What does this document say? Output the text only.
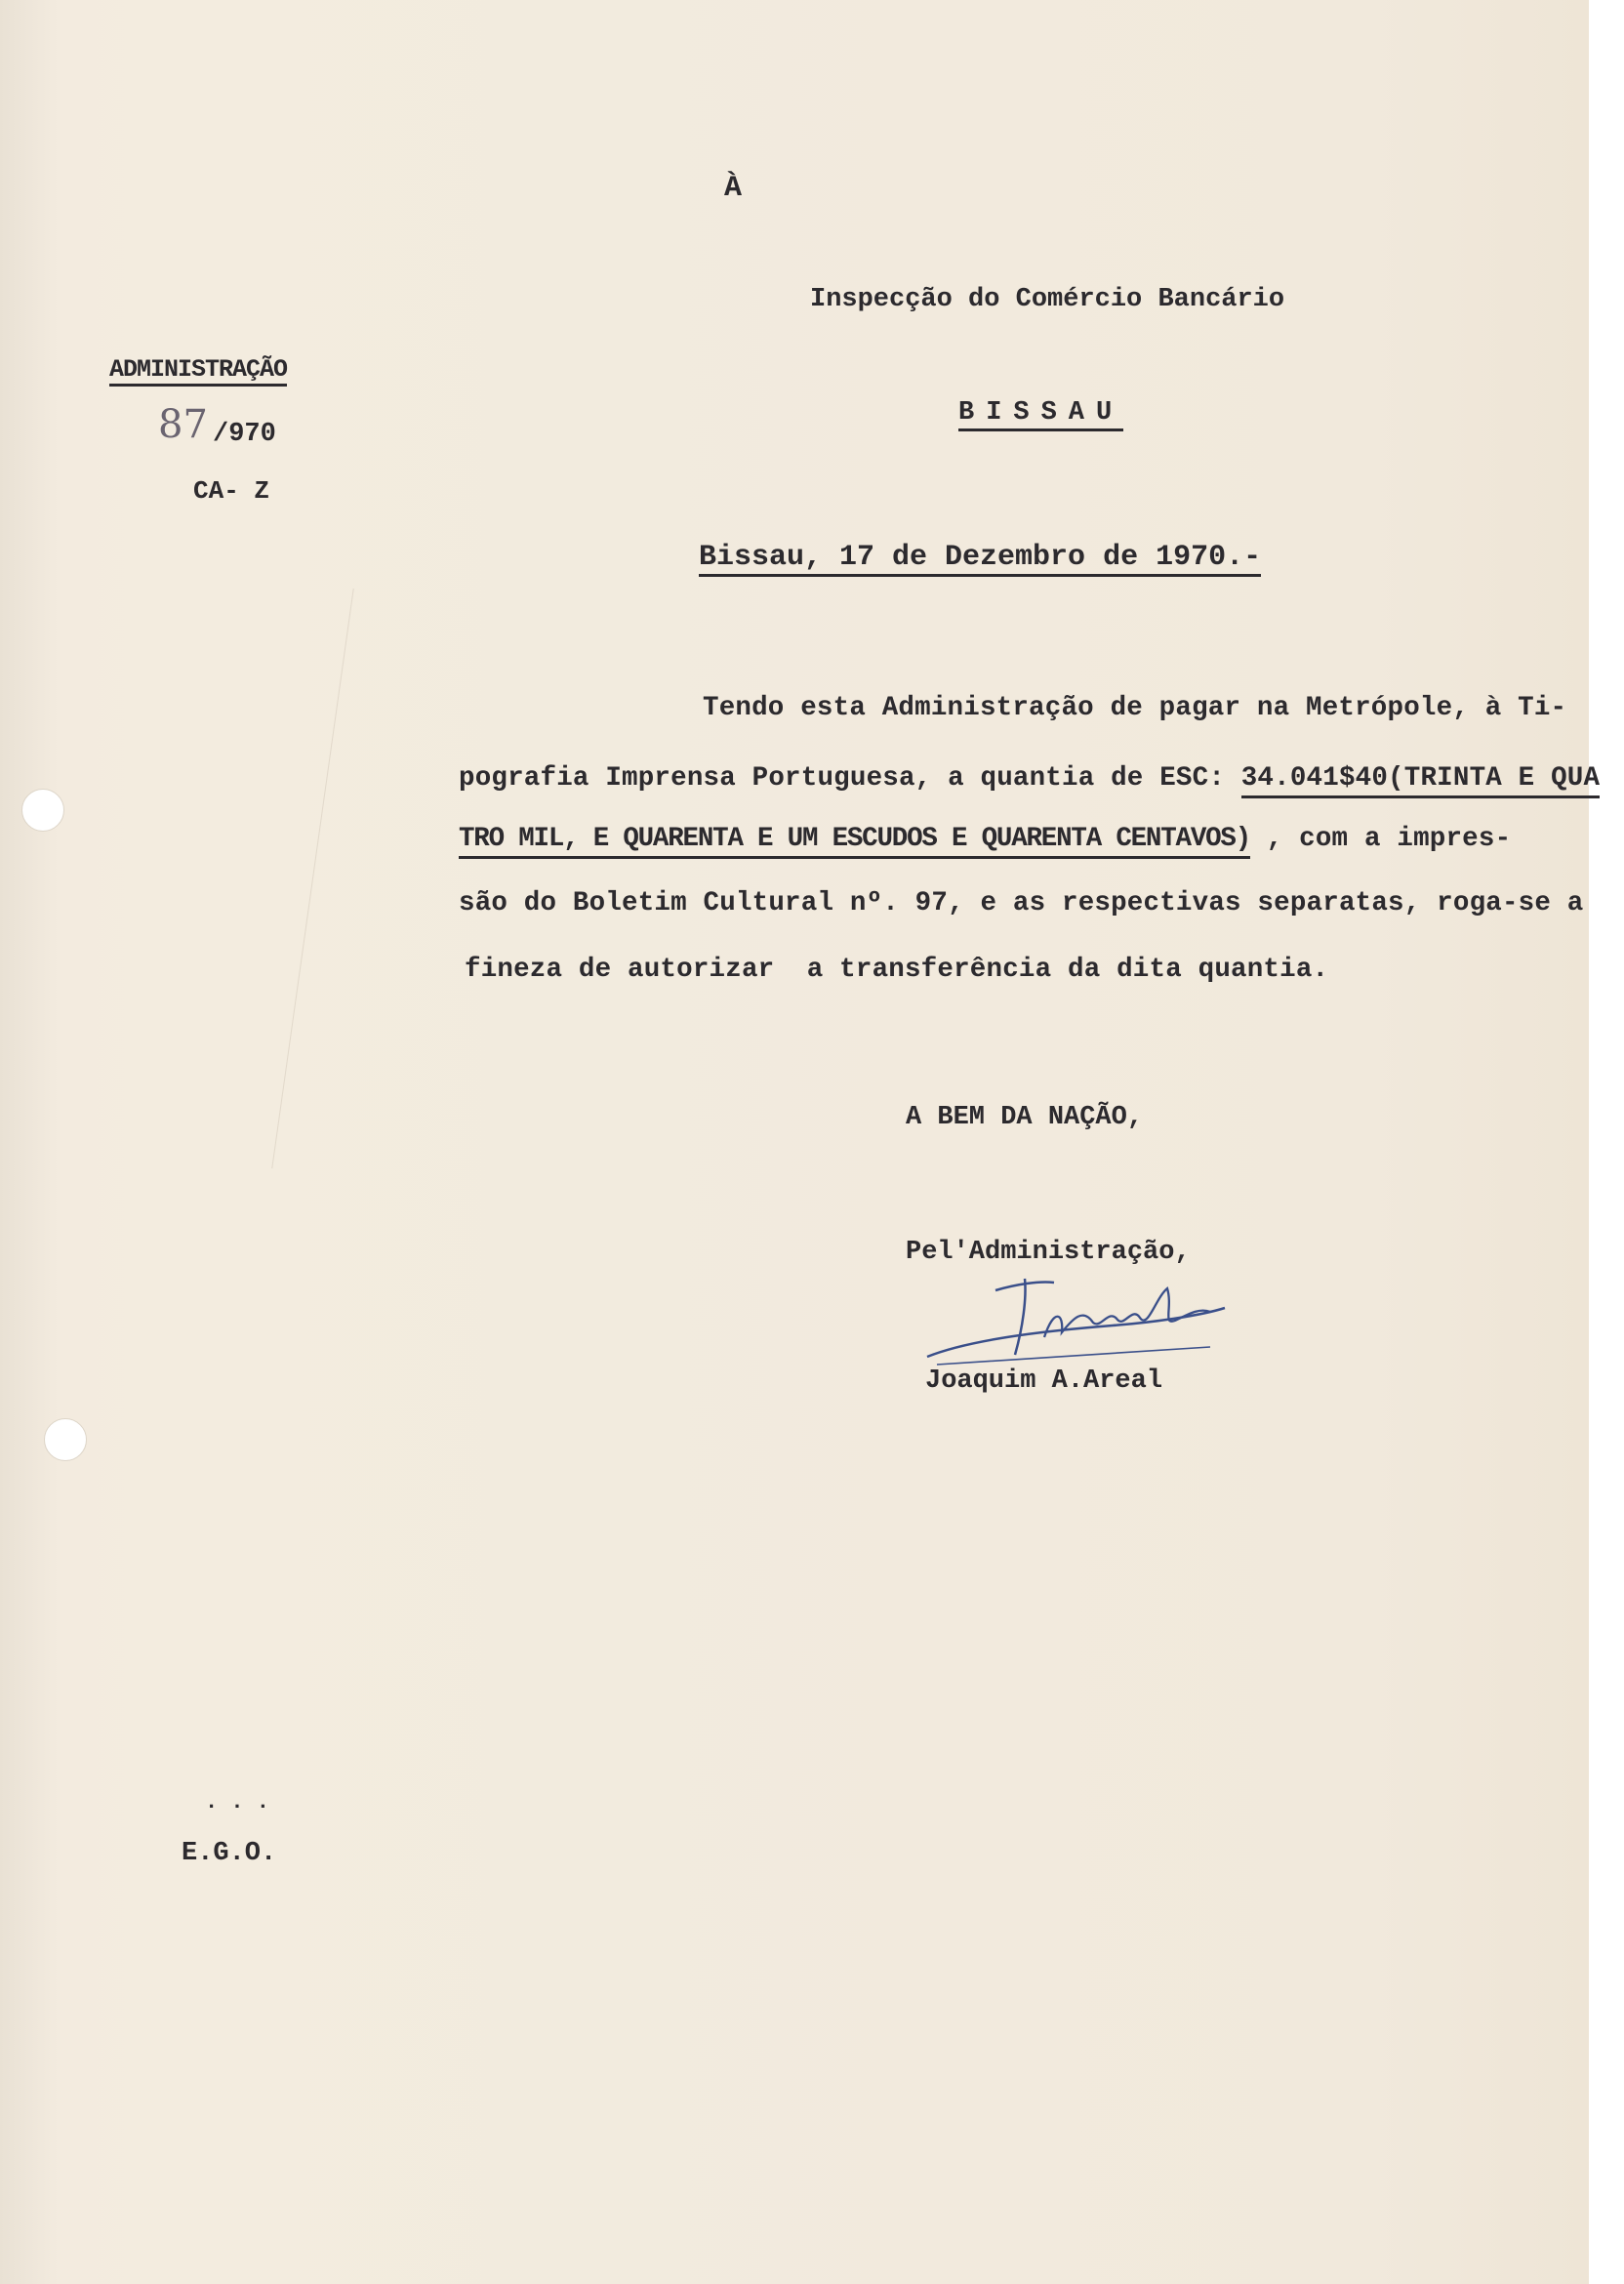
À
Inspecção do Comércio Bancário
BISSAU
ADMINISTRAÇÃO
87 /970
CA- Z
Bissau, 17 de Dezembro de 1970.-
Tendo esta Administração de pagar na Metrópole, à Ti-
pografia Imprensa Portuguesa, a quantia de ESC: 34.041$40(TRINTA E QUA
TRO MIL, E QUARENTA E UM ESCUDOS E QUARENTA CENTAVOS) , com a impres-
são do Boletim Cultural nº. 97, e as respectivas separatas, roga-se a
fineza de autorizar  a transferência da dita quantia.
A BEM DA NAÇÃO,
Pel'Administração,
Joaquim A.Areal
. . .
E.G.O.
